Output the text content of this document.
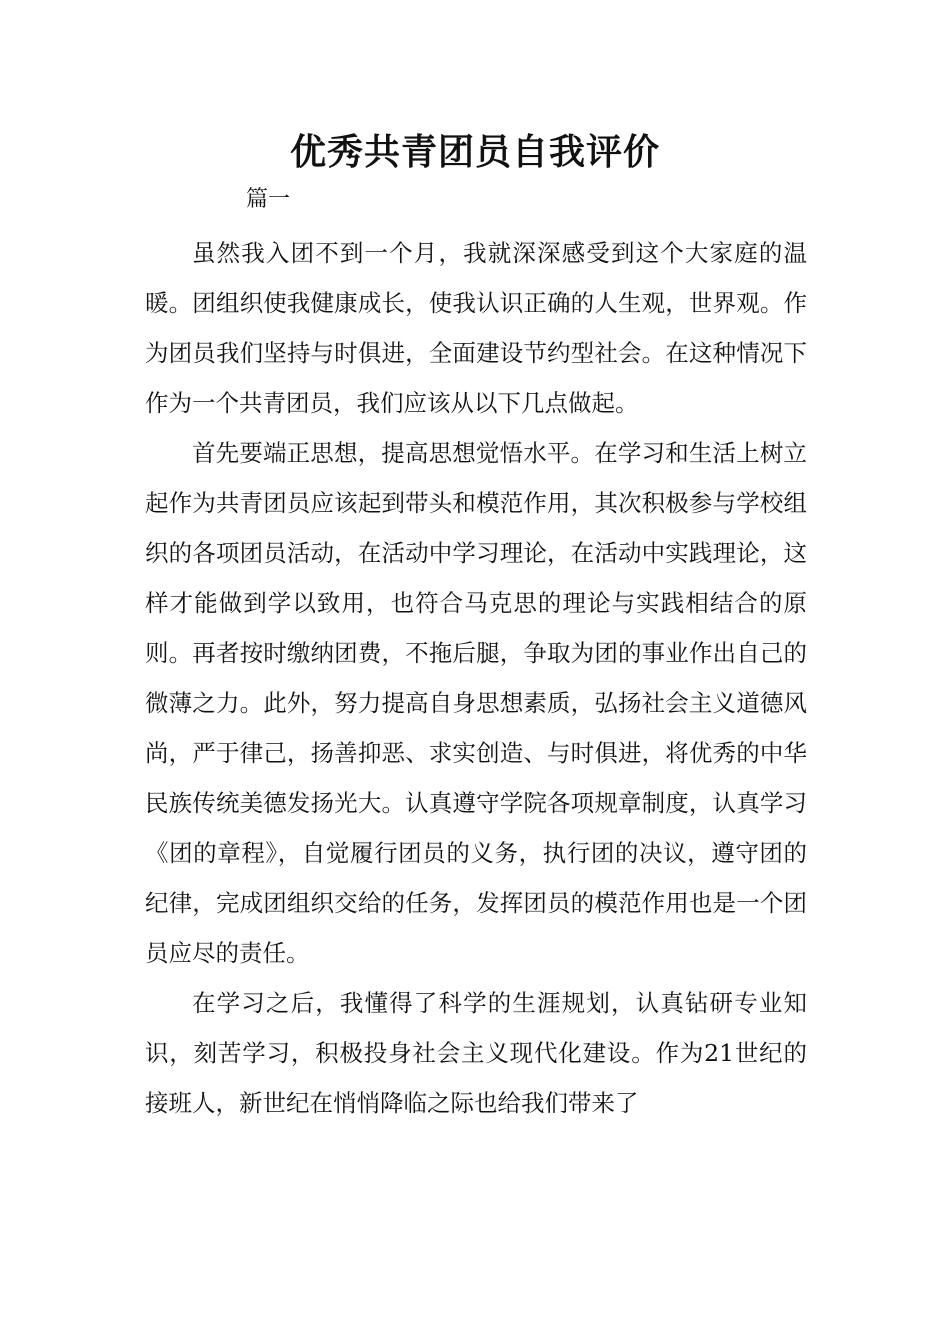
优秀共青团员自我评价

篇一

虽然我入团不到一个月，我就深深感受到这个大家庭的温暖。团组织使我健康成长，使我认识正确的人生观，世界观。作为团员我们坚持与时俱进，全面建设节约型社会。在这种情况下作为一个共青团员，我们应该从以下几点做起。

首先要端正思想，提高思想觉悟水平。在学习和生活上树立起作为共青团员应该起到带头和模范作用，其次积极参与学校组织的各项团员活动，在活动中学习理论，在活动中实践理论，这样才能做到学以致用，也符合马克思的理论与实践相结合的原则。再者按时缴纳团费，不拖后腿，争取为团的事业作出自己的微薄之力。此外，努力提高自身思想素质，弘扬社会主义道德风尚，严于律己，扬善抑恶、求实创造、与时俱进，将优秀的中华民族传统美德发扬光大。认真遵守学院各项规章制度，认真学习《团的章程》，自觉履行团员的义务，执行团的决议，遵守团的纪律，完成团组织交给的任务，发挥团员的模范作用也是一个团员应尽的责任。

在学习之后，我懂得了科学的生涯规划，认真钻研专业知识，刻苦学习，积极投身社会主义现代化建设。作为21世纪的接班人，新世纪在悄悄降临之际也给我们带来了
